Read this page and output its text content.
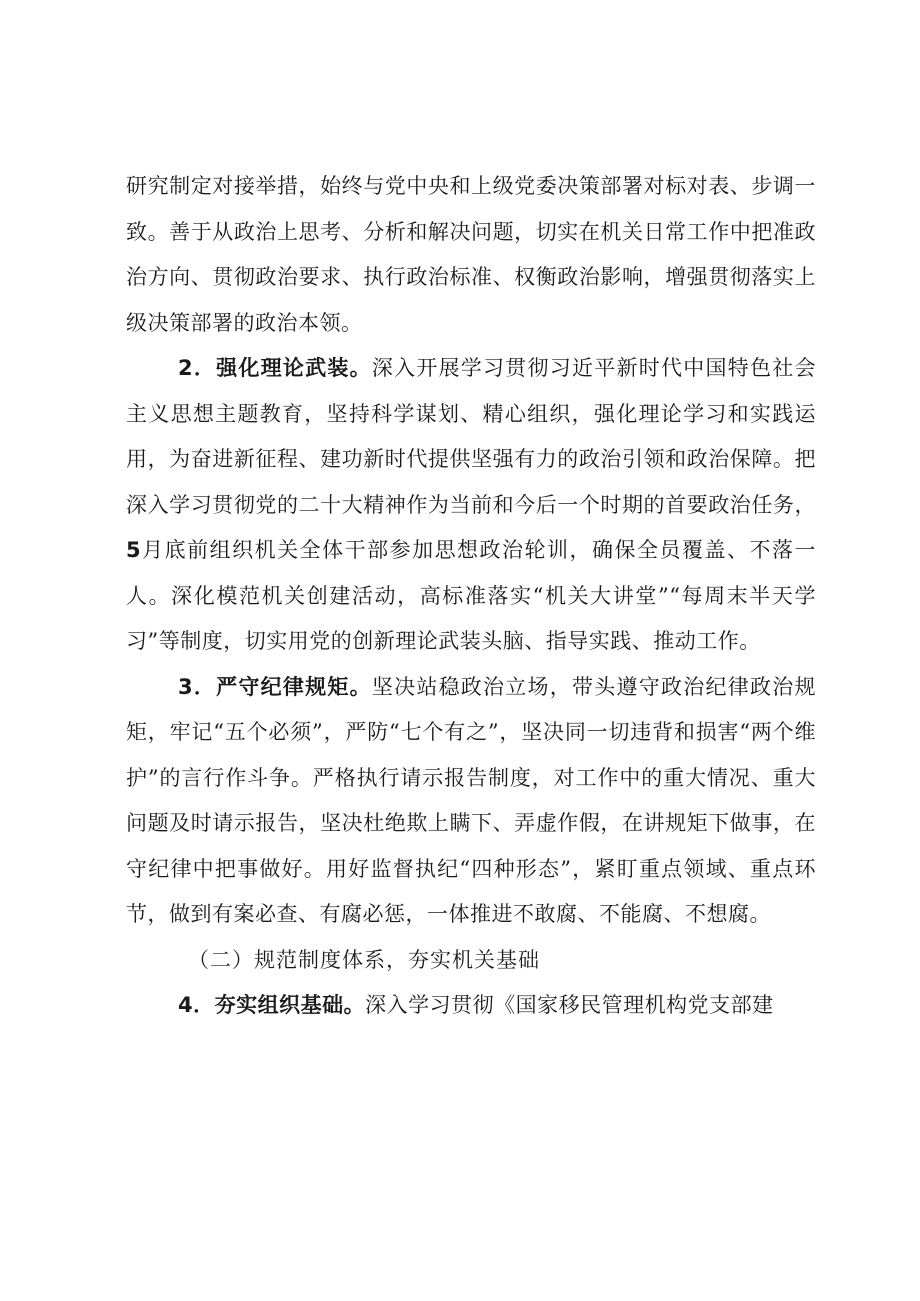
研究制定对接举措，始终与党中央和上级党委决策部署对标对表、步调一致。善于从政治上思考、分析和解决问题，切实在机关日常工作中把准政治方向、贯彻政治要求、执行政治标准、权衡政治影响，增强贯彻落实上级决策部署的政治本领。

2．强化理论武装。深入开展学习贯彻习近平新时代中国特色社会主义思想主题教育，坚持科学谋划、精心组织，强化理论学习和实践运用，为奋进新征程、建功新时代提供坚强有力的政治引领和政治保障。把深入学习贯彻党的二十大精神作为当前和今后一个时期的首要政治任务，5月底前组织机关全体干部参加思想政治轮训，确保全员覆盖、不落一人。深化模范机关创建活动，高标准落实“机关大讲堂”“每周末半天学习”等制度，切实用党的创新理论武装头脑、指导实践、推动工作。

3．严守纪律规矩。坚决站稳政治立场，带头遵守政治纪律政治规矩，牢记“五个必须”，严防“七个有之”，坚决同一切违背和损害“两个维护”的言行作斗争。严格执行请示报告制度，对工作中的重大情况、重大问题及时请示报告，坚决杜绝欺上瞒下、弄虚作假，在讲规矩下做事，在守纪律中把事做好。用好监督执纪“四种形态”，紧盯重点领域、重点环节，做到有案必查、有腐必惩，一体推进不敢腐、不能腐、不想腐。

（二）规范制度体系，夯实机关基础

4．夯实组织基础。深入学习贯彻《国家移民管理机构党支部建
